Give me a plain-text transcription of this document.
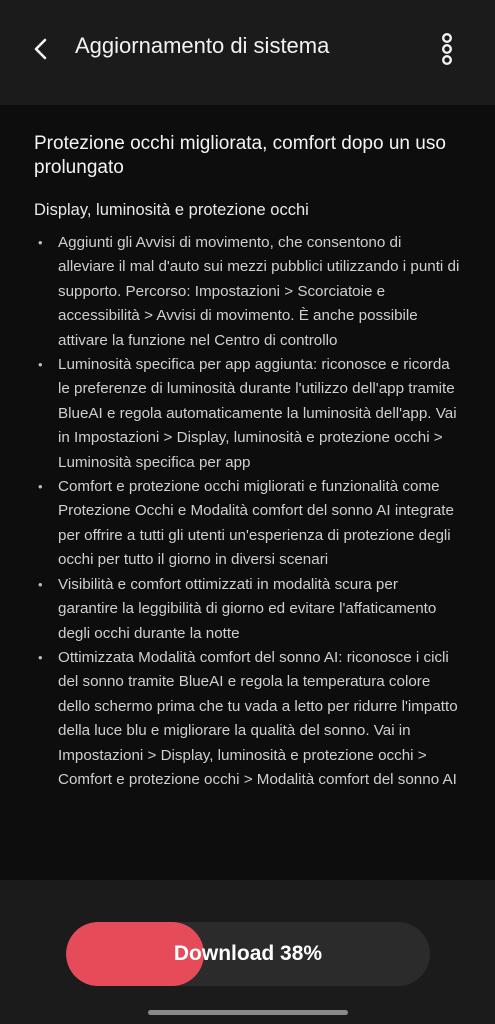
Aggiornamento di sistema
Protezione occhi migliorata, comfort dopo un uso prolungato
Display, luminosità e protezione occhi
• Aggiunti gli Avvisi di movimento, che consentono di alleviare il mal d'auto sui mezzi pubblici utilizzando i punti di supporto. Percorso: Impostazioni > Scorciatoie e accessibilità > Avvisi di movimento. È anche possibile attivare la funzione nel Centro di controllo
• Luminosità specifica per app aggiunta: riconosce e ricorda le preferenze di luminosità durante l'utilizzo dell'app tramite BlueAI e regola automaticamente la luminosità dell'app. Vai in Impostazioni > Display, luminosità e protezione occhi > Luminosità specifica per app
• Comfort e protezione occhi migliorati e funzionalità come Protezione Occhi e Modalità comfort del sonno AI integrate per offrire a tutti gli utenti un'esperienza di protezione degli occhi per tutto il giorno in diversi scenari
• Visibilità e comfort ottimizzati in modalità scura per garantire la leggibilità di giorno ed evitare l'affaticamento degli occhi durante la notte
• Ottimizzata Modalità comfort del sonno AI: riconosce i cicli del sonno tramite BlueAI e regola la temperatura colore dello schermo prima che tu vada a letto per ridurre l'impatto della luce blu e migliorare la qualità del sonno. Vai in Impostazioni > Display, luminosità e protezione occhi > Comfort e protezione occhi > Modalità comfort del sonno AI
Download 38%
